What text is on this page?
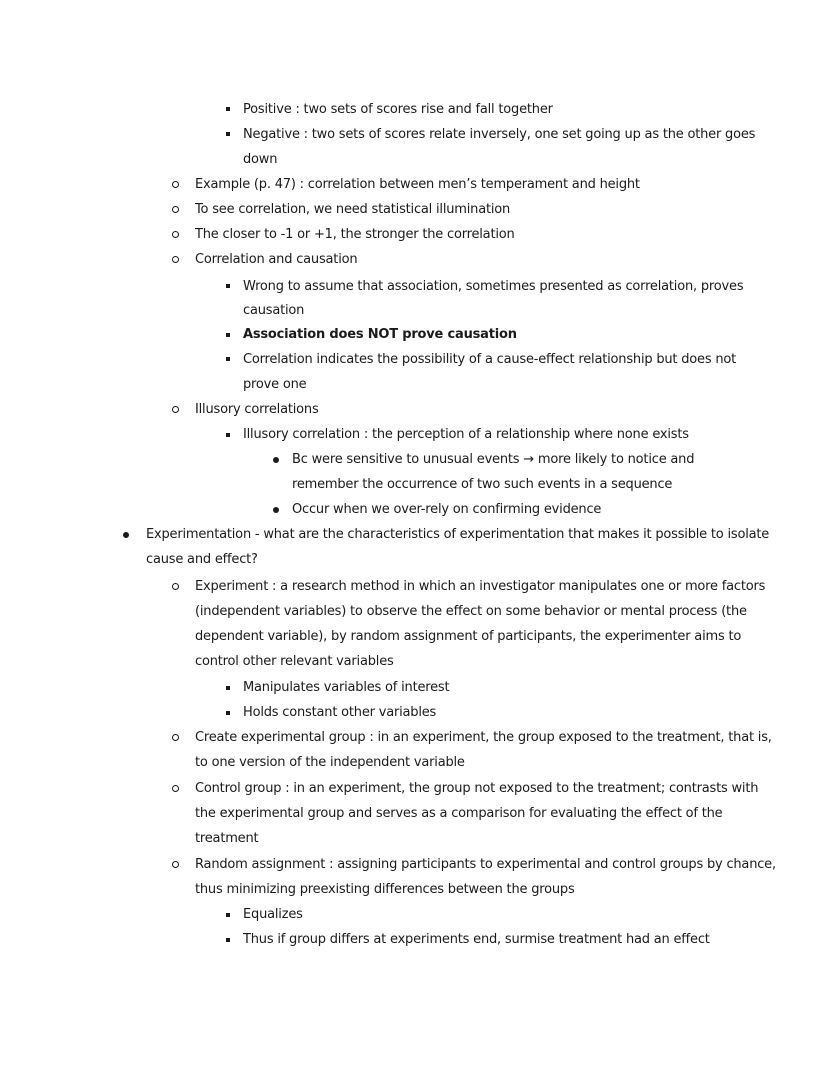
Positive : two sets of scores rise and fall together
Negative : two sets of scores relate inversely, one set going up as the other goes
down
Example (p. 47) : correlation between men’s temperament and height
To see correlation, we need statistical illumination
The closer to -1 or +1, the stronger the correlation
Correlation and causation
Wrong to assume that association, sometimes presented as correlation, proves
causation
Association does NOT prove causation
Correlation indicates the possibility of a cause-effect relationship but does not
prove one
Illusory correlations
Illusory correlation : the perception of a relationship where none exists
Bc were sensitive to unusual events → more likely to notice and
remember the occurrence of two such events in a sequence
Occur when we over-rely on confirming evidence
Experimentation - what are the characteristics of experimentation that makes it possible to isolate
cause and effect?
Experiment : a research method in which an investigator manipulates one or more factors
(independent variables) to observe the effect on some behavior or mental process (the
dependent variable), by random assignment of participants, the experimenter aims to
control other relevant variables
Manipulates variables of interest
Holds constant other variables
Create experimental group : in an experiment, the group exposed to the treatment, that is,
to one version of the independent variable
Control group : in an experiment, the group not exposed to the treatment; contrasts with
the experimental group and serves as a comparison for evaluating the effect of the
treatment
Random assignment : assigning participants to experimental and control groups by chance,
thus minimizing preexisting differences between the groups
Equalizes
Thus if group differs at experiments end, surmise treatment had an effect
